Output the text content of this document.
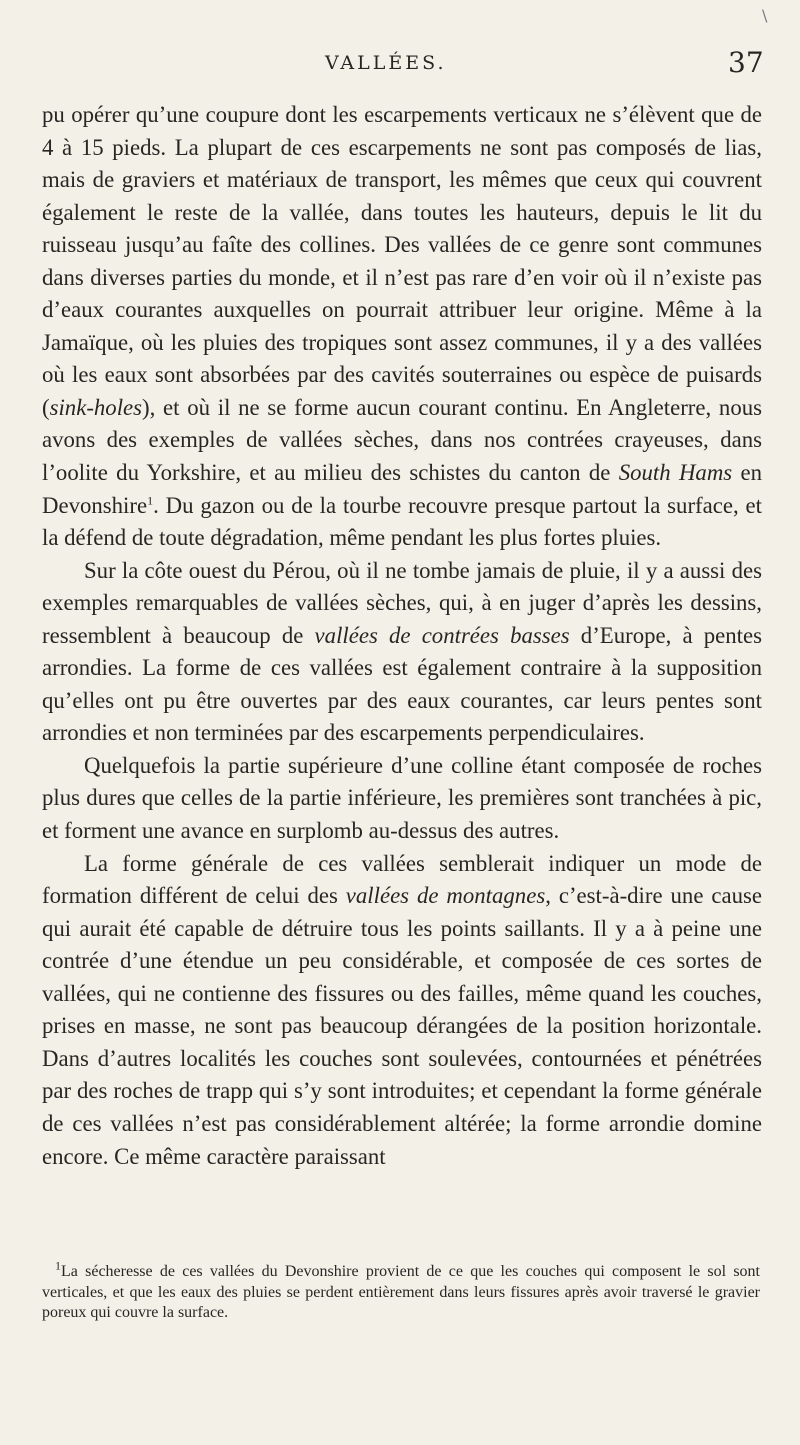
\
VALLÉES.	37

pu opérer qu’une coupure dont les escarpements verticaux ne s’élèvent que de 4 à 15 pieds. La plupart de ces escarpements ne sont pas composés de lias, mais de graviers et matériaux de transport, les mêmes que ceux qui couvrent également le reste de la vallée, dans toutes les hauteurs, depuis le lit du ruisseau jusqu’au faîte des collines. Des vallées de ce genre sont communes dans diverses parties du monde, et il n’est pas rare d’en voir où il n’existe pas d’eaux courantes auxquelles on pourrait attribuer leur origine. Même à la Jamaïque, où les pluies des tropiques sont assez communes, il y a des vallées où les eaux sont absorbées par des cavités souterraines ou espèce de puisards (sink-holes), et où il ne se forme aucun courant continu. En Angleterre, nous avons des exemples de vallées sèches, dans nos contrées crayeuses, dans l’oolite du Yorkshire, et au milieu des schistes du canton de South Hams en Devonshire$^1$. Du gazon ou de la tourbe recouvre presque partout la surface, et la défend de toute dégradation, même pendant les plus fortes pluies.

Sur la côte ouest du Pérou, où il ne tombe jamais de pluie, il y a aussi des exemples remarquables de vallées sèches, qui, à en juger d’après les dessins, ressemblent à beaucoup de vallées de contrées basses d’Europe, à pentes arrondies. La forme de ces vallées est également contraire à la supposition qu’elles ont pu être ouvertes par des eaux courantes, car leurs pentes sont arrondies et non terminées par des escarpements perpendiculaires.

Quelquefois la partie supérieure d’une colline étant composée de roches plus dures que celles de la partie inférieure, les premières sont tranchées à pic, et forment une avance en surplomb au-dessus des autres.

La forme générale de ces vallées semblerait indiquer un mode de formation différent de celui des vallées de montagnes, c’est-à-dire une cause qui aurait été capable de détruire tous les points saillants. Il y a à peine une contrée d’une étendue un peu considérable, et composée de ces sortes de vallées, qui ne contienne des fissures ou des failles, même quand les couches, prises en masse, ne sont pas beaucoup dérangées de la position horizontale. Dans d’autres localités les couches sont soulevées, contournées et pénétrées par des roches de trapp qui s’y sont introduites; et cependant la forme générale de ces vallées n’est pas considérablement altérée; la forme arrondie domine encore. Ce même caractère paraissant

$^1$La sécheresse de ces vallées du Devonshire provient de ce que les couches qui composent le sol sont verticales, et que les eaux des pluies se perdent entièrement dans leurs fissures après avoir traversé le gravier poreux qui couvre la surface.
